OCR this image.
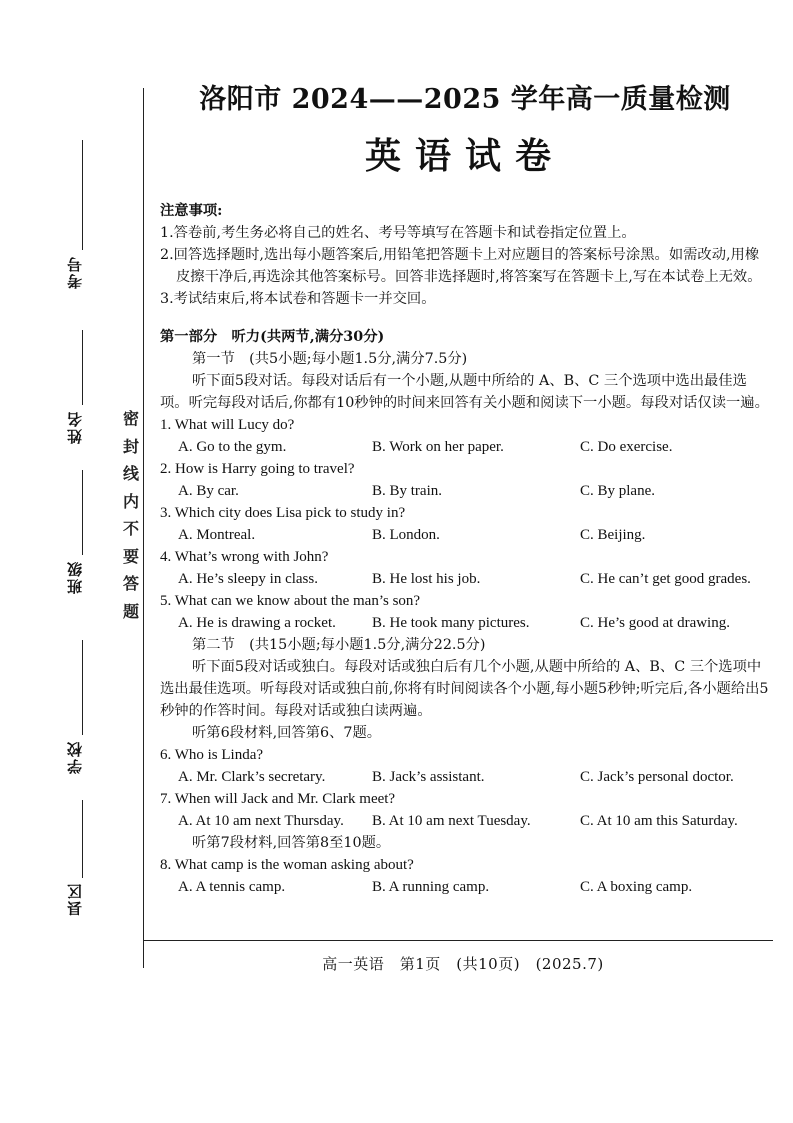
考号
姓名
班级
学校
县区
密封线内不要答题
洛阳市 2024——2025 学年高一质量检测
英语试卷
注意事项:
1.答卷前,考生务必将自己的姓名、考号等填写在答题卡和试卷指定位置上。
2.回答选择题时,选出每小题答案后,用铅笔把答题卡上对应题目的答案标号涂黑。如需改动,用橡皮擦干净后,再选涂其他答案标号。回答非选择题时,将答案写在答题卡上,写在本试卷上无效。
3.考试结束后,将本试卷和答题卡一并交回。
第一部分　听力(共两节,满分30分)
第一节　(共5小题;每小题1.5分,满分7.5分)
听下面5段对话。每段对话后有一个小题,从题中所给的 A、B、C 三个选项中选出最佳选项。听完每段对话后,你都有10秒钟的时间来回答有关小题和阅读下一小题。每段对话仅读一遍。
1. What will Lucy do?
A. Go to the gym.	B. Work on her paper.	C. Do exercise.
2. How is Harry going to travel?
A. By car.	B. By train.	C. By plane.
3. Which city does Lisa pick to study in?
A. Montreal.	B. London.	C. Beijing.
4. What’s wrong with John?
A. He’s sleepy in class.	B. He lost his job.	C. He can’t get good grades.
5. What can we know about the man’s son?
A. He is drawing a rocket.	B. He took many pictures.	C. He’s good at drawing.
第二节　(共15小题;每小题1.5分,满分22.5分)
听下面5段对话或独白。每段对话或独白后有几个小题,从题中所给的 A、B、C 三个选项中选出最佳选项。听每段对话或独白前,你将有时间阅读各个小题,每小题5秒钟;听完后,各小题给出5秒钟的作答时间。每段对话或独白读两遍。
听第6段材料,回答第6、7题。
6. Who is Linda?
A. Mr. Clark’s secretary.	B. Jack’s assistant.	C. Jack’s personal doctor.
7. When will Jack and Mr. Clark meet?
A. At 10 am next Thursday.	B. At 10 am next Tuesday.	C. At 10 am this Saturday.
听第7段材料,回答第8至10题。
8. What camp is the woman asking about?
A. A tennis camp.	B. A running camp.	C. A boxing camp.
高一英语　第1页　(共10页)　(2025.7)
